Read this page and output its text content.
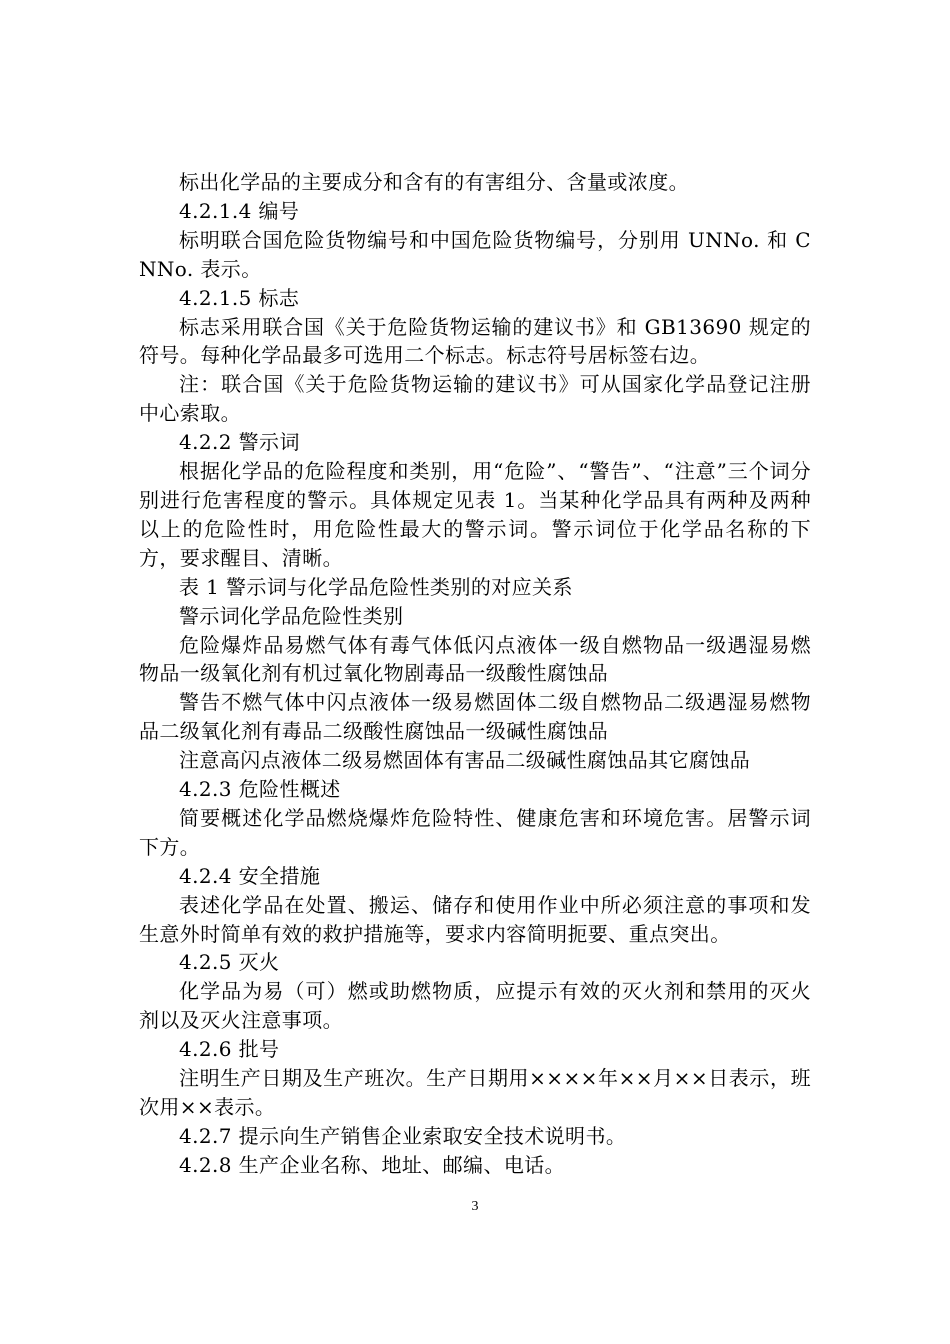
标出化学品的主要成分和含有的有害组分、含量或浓度。

4.2.1.4 编号

标明联合国危险货物编号和中国危险货物编号，分别用 UNNo. 和 CNNo. 表示。

4.2.1.5 标志

标志采用联合国《关于危险货物运输的建议书》和 GB13690 规定的符号。每种化学品最多可选用二个标志。标志符号居标签右边。

注：联合国《关于危险货物运输的建议书》可从国家化学品登记注册中心索取。

4.2.2 警示词

根据化学品的危险程度和类别，用“危险”、“警告”、“注意”三个词分别进行危害程度的警示。具体规定见表 1。当某种化学品具有两种及两种以上的危险性时，用危险性最大的警示词。警示词位于化学品名称的下方，要求醒目、清晰。

表 1 警示词与化学品危险性类别的对应关系

警示词化学品危险性类别

危险爆炸品易燃气体有毒气体低闪点液体一级自燃物品一级遇湿易燃物品一级氧化剂有机过氧化物剧毒品一级酸性腐蚀品

警告不燃气体中闪点液体一级易燃固体二级自燃物品二级遇湿易燃物品二级氧化剂有毒品二级酸性腐蚀品一级碱性腐蚀品

注意高闪点液体二级易燃固体有害品二级碱性腐蚀品其它腐蚀品

4.2.3 危险性概述

简要概述化学品燃烧爆炸危险特性、健康危害和环境危害。居警示词下方。

4.2.4 安全措施

表述化学品在处置、搬运、储存和使用作业中所必须注意的事项和发生意外时简单有效的救护措施等，要求内容简明扼要、重点突出。

4.2.5 灭火

化学品为易（可）燃或助燃物质，应提示有效的灭火剂和禁用的灭火剂以及灭火注意事项。

4.2.6 批号

注明生产日期及生产班次。生产日期用××××年××月××日表示，班次用××表示。

4.2.7 提示向生产销售企业索取安全技术说明书。

4.2.8 生产企业名称、地址、邮编、电话。

3
